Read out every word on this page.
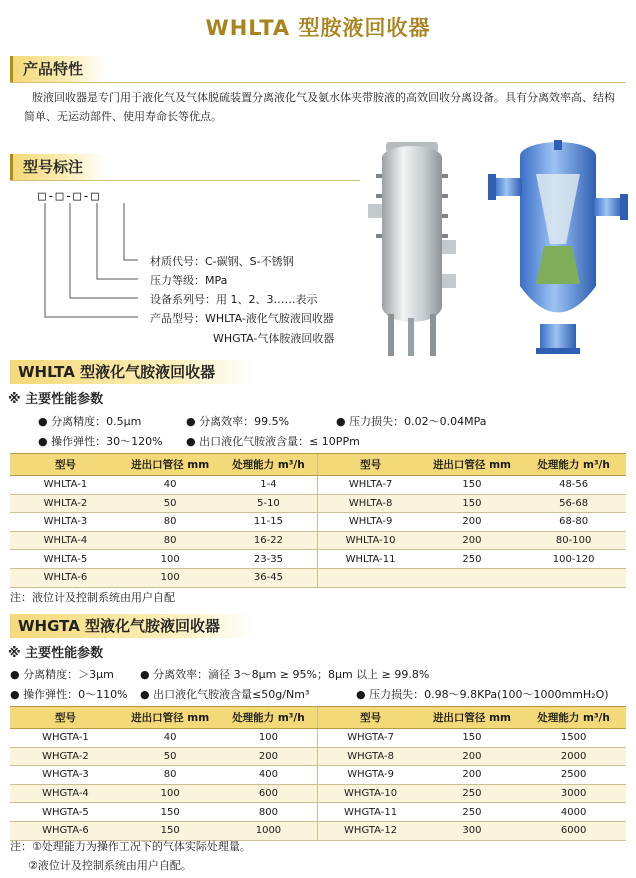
WHLTA 型胺液回收器
产品特性
胺液回收器是专门用于液化气及气体脱硫装置分离液化气及氨水体夹带胺液的高效回收分离设备。具有分离效率高、结构简单、无运动部件、使用寿命长等优点。
型号标注
□-□-□-□
材质代号：C-碳钢、S-不锈钢
压力等级：MPa
设备系列号：用 1、2、3……表示
产品型号：WHLTA-液化气胺液回收器
WHGTA-气体胺液回收器
WHLTA 型液化气胺液回收器
※ 主要性能参数
● 分离精度：0.5μm	● 分离效率：99.5%	● 压力损失：0.02～0.04MPa
● 操作弹性：30～120% ● 出口液化气胺液含量：≤ 10PPm
型号	进出口管径 mm	处理能力 m³/h	型号	进出口管径 mm	处理能力 m³/h
WHLTA-1	40	1-4	WHLTA-7	150	48-56
WHLTA-2	50	5-10	WHLTA-8	150	56-68
WHLTA-3	80	11-15	WHLTA-9	200	68-80
WHLTA-4	80	16-22	WHLTA-10	200	80-100
WHLTA-5	100	23-35	WHLTA-11	250	100-120
WHLTA-6	100	36-45			
注：液位计及控制系统由用户自配
WHGTA 型液化气胺液回收器
※ 主要性能参数
● 分离精度：＞3μm ● 分离效率：滴径 3～8μm ≥ 95%；8μm 以上 ≥ 99.8%
● 操作弹性：0～110% ● 出口液化气胺液含量≤50g/Nm³	● 压力损失：0.98～9.8KPa(100～1000mmH₂O)
型号	进出口管径 mm	处理能力 m³/h	型号	进出口管径 mm	处理能力 m³/h
WHGTA-1	40	100	WHGTA-7	150	1500
WHGTA-2	50	200	WHGTA-8	200	2000
WHGTA-3	80	400	WHGTA-9	200	2500
WHGTA-4	100	600	WHGTA-10	250	3000
WHGTA-5	150	800	WHGTA-11	250	4000
WHGTA-6	150	1000	WHGTA-12	300	6000
注：①处理能力为操作工况下的气体实际处理量。
②液位计及控制系统由用户自配。
